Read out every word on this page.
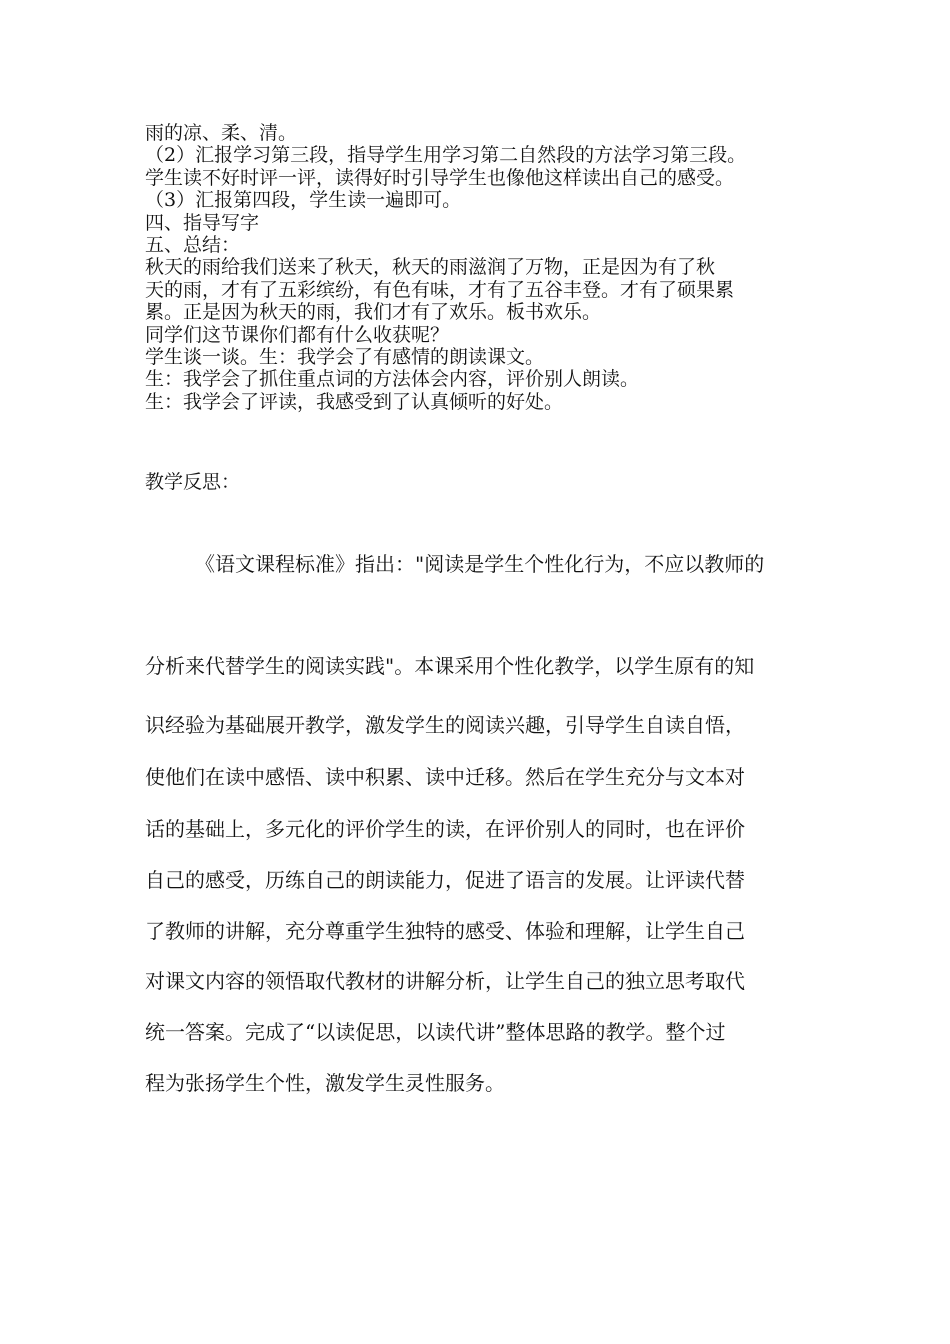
雨的凉、柔、清。
（2）汇报学习第三段，指导学生用学习第二自然段的方法学习第三段。
学生读不好时评一评，读得好时引导学生也像他这样读出自己的感受。
（3）汇报第四段，学生读一遍即可。
四、指导写字
五、总结：
秋天的雨给我们送来了秋天，秋天的雨滋润了万物，正是因为有了秋
天的雨，才有了五彩缤纷，有色有味，才有了五谷丰登。才有了硕果累
累。正是因为秋天的雨，我们才有了欢乐。板书欢乐。
同学们这节课你们都有什么收获呢？
学生谈一谈。生：我学会了有感情的朗读课文。
生：我学会了抓住重点词的方法体会内容，评价别人朗读。
生：我学会了评读，我感受到了认真倾听的好处。
教学反思：
《语文课程标准》指出："阅读是学生个性化行为，不应以教师的
分析来代替学生的阅读实践"。本课采用个性化教学，以学生原有的知
识经验为基础展开教学，激发学生的阅读兴趣，引导学生自读自悟，
使他们在读中感悟、读中积累、读中迁移。然后在学生充分与文本对
话的基础上，多元化的评价学生的读，在评价别人的同时，也在评价
自己的感受，历练自己的朗读能力，促进了语言的发展。让评读代替
了教师的讲解，充分尊重学生独特的感受、体验和理解，让学生自己
对课文内容的领悟取代教材的讲解分析，让学生自己的独立思考取代
统一答案。完成了“以读促思，以读代讲”整体思路的教学。整个过
程为张扬学生个性，激发学生灵性服务。
